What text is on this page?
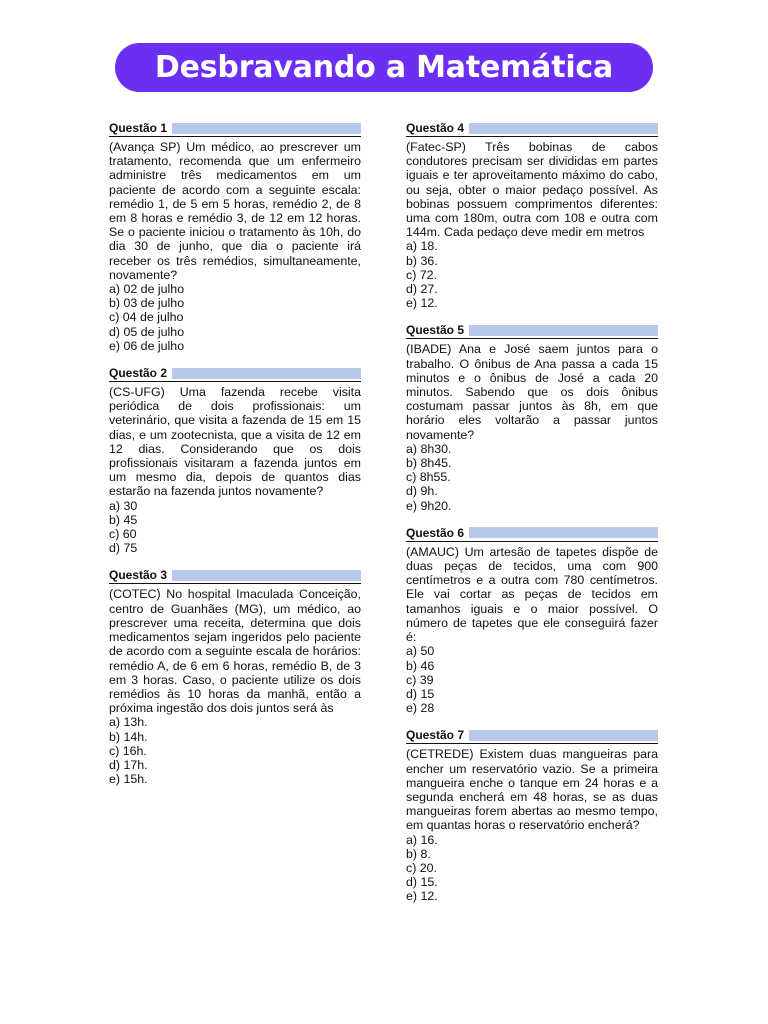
Desbravando a Matemática
Questão 1

(Avança SP) Um médico, ao prescrever um tratamento, recomenda que um enfermeiro administre três medicamentos em um paciente de acordo com a seguinte escala: remédio 1, de 5 em 5 horas, remédio 2, de 8 em 8 horas e remédio 3, de 12 em 12 horas. Se o paciente iniciou o tratamento às 10h, do dia 30 de junho, que dia o paciente irá receber os três remédios, simultaneamente, novamente?

a) 02 de julho
b) 03 de julho
c) 04 de julho
d) 05 de julho
e) 06 de julho
Questão 2

(CS-UFG) Uma fazenda recebe visita periódica de dois profissionais: um veterinário, que visita a fazenda de 15 em 15 dias, e um zootecnista, que a visita de 12 em 12 dias. Considerando que os dois profissionais visitaram a fazenda juntos em um mesmo dia, depois de quantos dias estarão na fazenda juntos novamente?

a) 30
b) 45
c) 60
d) 75
Questão 3

(COTEC) No hospital Imaculada Conceição, centro de Guanhães (MG), um médico, ao prescrever uma receita, determina que dois medicamentos sejam ingeridos pelo paciente de acordo com a seguinte escala de horários: remédio A, de 6 em 6 horas, remédio B, de 3 em 3 horas. Caso, o paciente utilize os dois remédios às 10 horas da manhã, então a próxima ingestão dos dois juntos será às

a) 13h.
b) 14h.
c) 16h.
d) 17h.
e) 15h.
Questão 4

(Fatec-SP) Três bobinas de cabos condutores precisam ser divididas em partes iguais e ter aproveitamento máximo do cabo, ou seja, obter o maior pedaço possível. As bobinas possuem comprimentos diferentes: uma com 180m, outra com 108 e outra com 144m. Cada pedaço deve medir em metros

a) 18.
b) 36.
c) 72.
d) 27.
e) 12.
Questão 5

(IBADE) Ana e José saem juntos para o trabalho. O ônibus de Ana passa a cada 15 minutos e o ônibus de José a cada 20 minutos. Sabendo que os dois ônibus costumam passar juntos às 8h, em que horário eles voltarão a passar juntos novamente?

a) 8h30.
b) 8h45.
c) 8h55.
d) 9h.
e) 9h20.
Questão 6

(AMAUC) Um artesão de tapetes dispõe de duas peças de tecidos, uma com 900 centímetros e a outra com 780 centímetros. Ele vai cortar as peças de tecidos em tamanhos iguais e o maior possível. O número de tapetes que ele conseguirá fazer é:

a) 50
b) 46
c) 39
d) 15
e) 28
Questão 7

(CETREDE) Existem duas mangueiras para encher um reservatório vazio. Se a primeira mangueira enche o tanque em 24 horas e a segunda encherá em 48 horas, se as duas mangueiras forem abertas ao mesmo tempo, em quantas horas o reservatório encherá?

a) 16.
b) 8.
c) 20.
d) 15.
e) 12.
